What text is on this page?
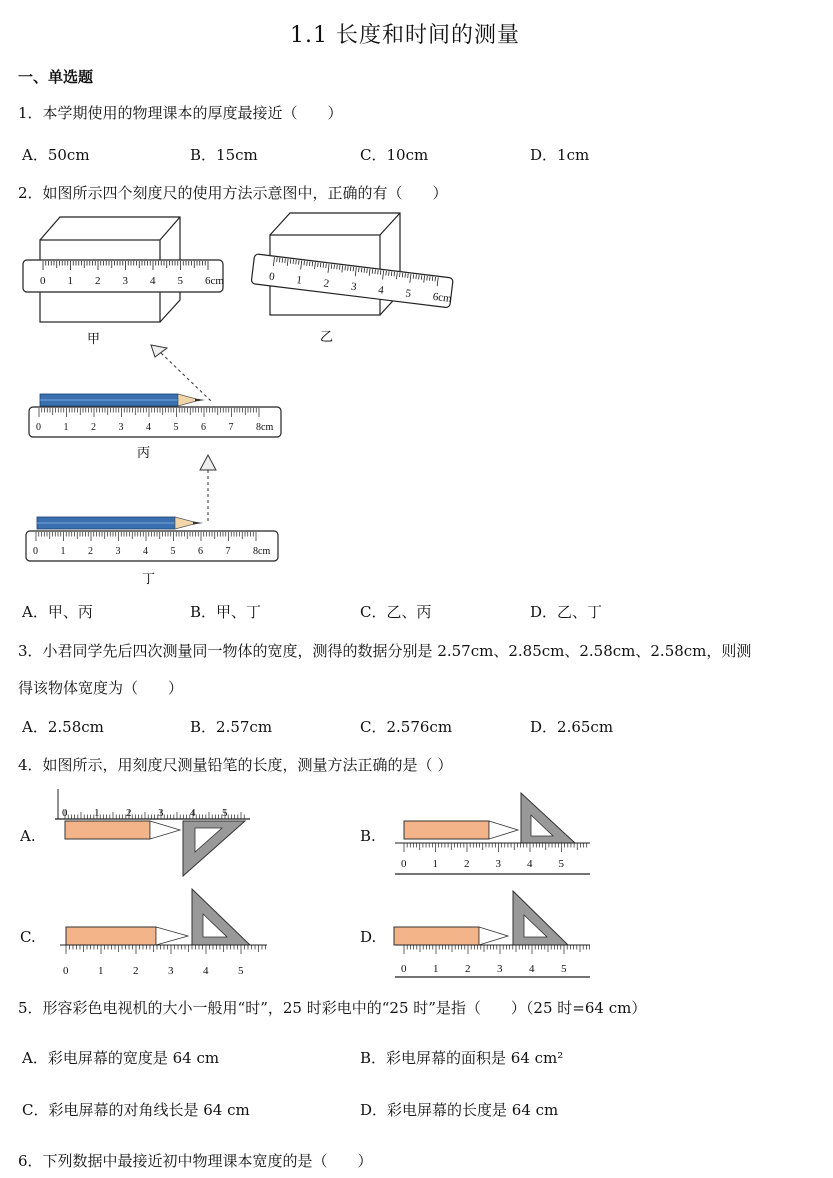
1.1 长度和时间的测量
一、单选题
1．本学期使用的物理课本的厚度最接近（　　）
A．50cm	B．15cm	C．10cm	D．1cm
2．如图所示四个刻度尺的使用方法示意图中，正确的有（　　）
0 1 2 3 4 5 6cm
甲
0 1 2 3 4 5 6cm
乙
0 1 2 3 4 5 6 7 8cm
丙
0 1 2 3 4 5 6 7 8cm
丁
A．甲、丙	B．甲、丁	C．乙、丙	D．乙、丁
3．小君同学先后四次测量同一物体的宽度，测得的数据分别是 2.57cm、2.85cm、2.58cm、2.58cm，则测
得该物体宽度为（　　）
A．2.58cm	B．2.57cm	C．2.576cm	D．2.65cm
4．如图所示，用刻度尺测量铅笔的长度，测量方法正确的是（ ）
A.	B.
C.	D.
0 1 2 3 4 5
0 1 2 3 4 5
0	1	2	3	4	5	0 1 2 3 4 5
5．形容彩色电视机的大小一般用“时”，25 时彩电中的“25 时”是指（　　）（25 时=64 cm）
A．彩电屏幕的宽度是 64 cm	B．彩电屏幕的面积是 64 cm²
C．彩电屏幕的对角线长是 64 cm	D．彩电屏幕的长度是 64 cm
6．下列数据中最接近初中物理课本宽度的是（　　）
